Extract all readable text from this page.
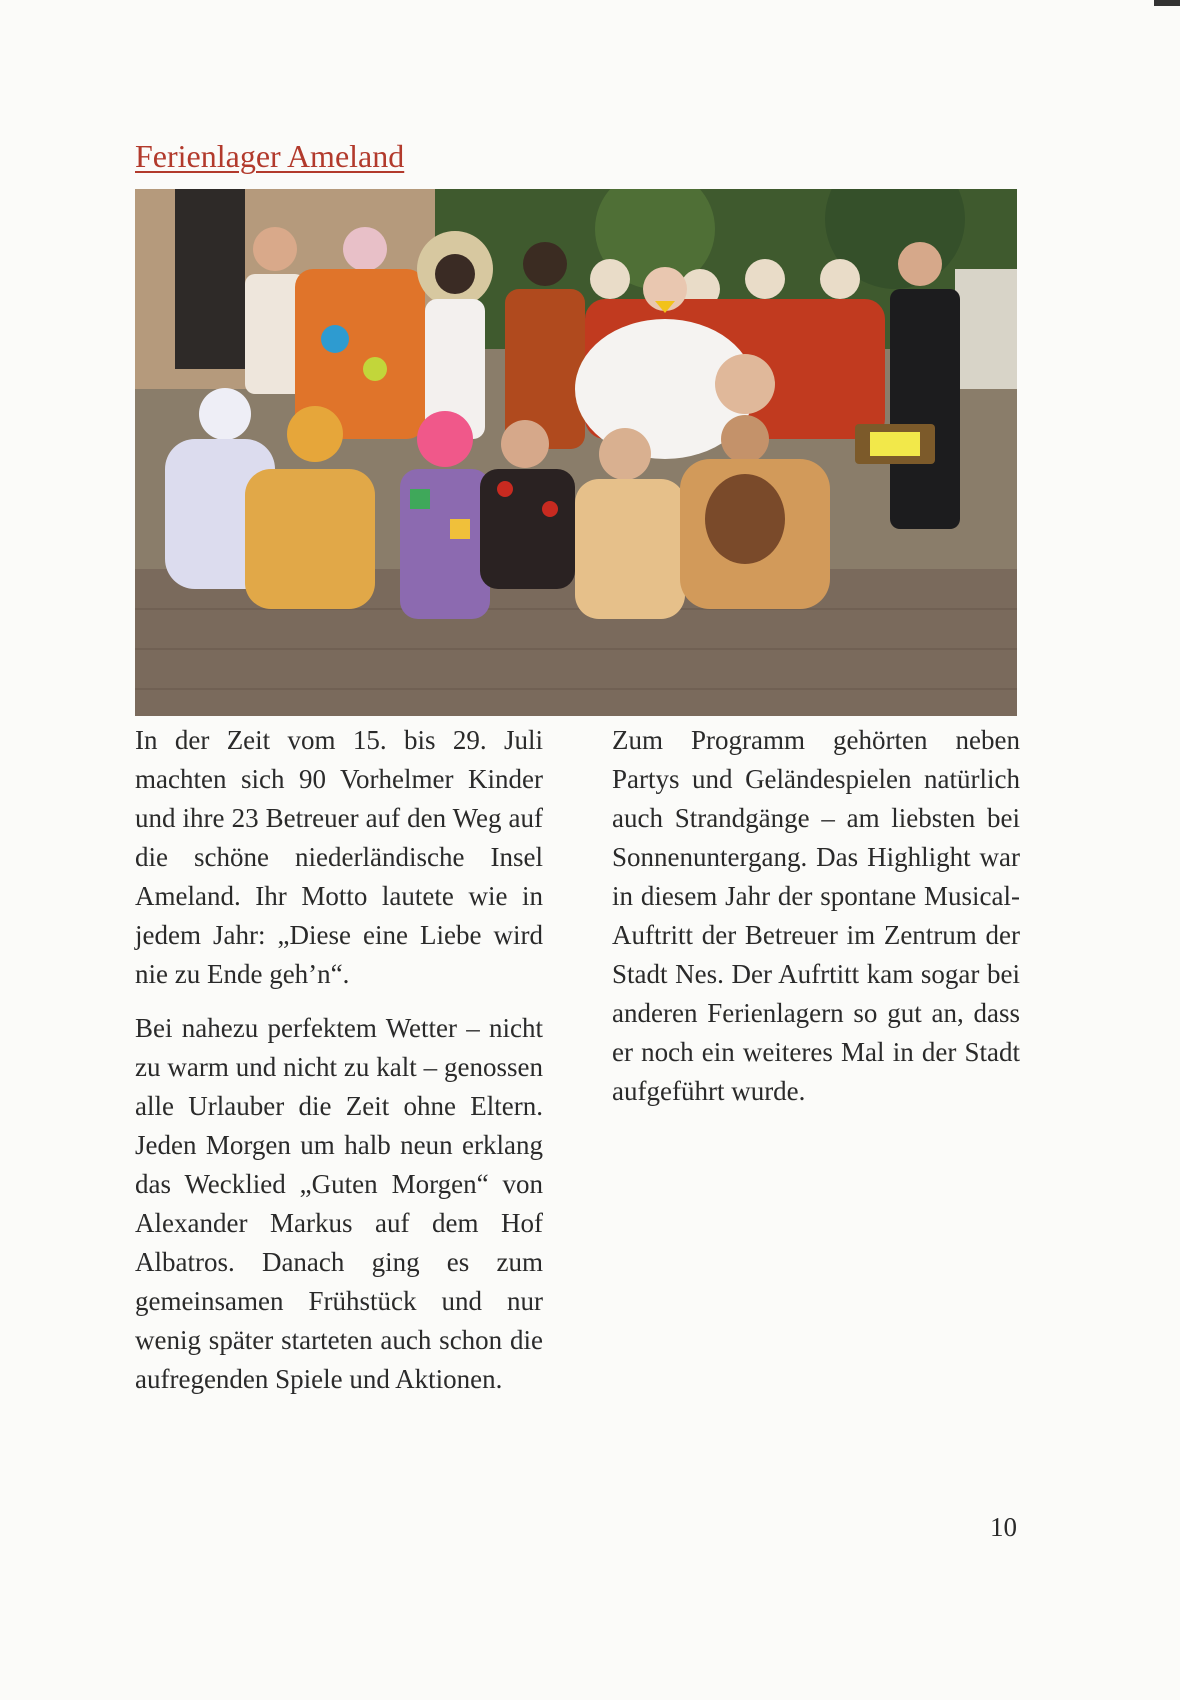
Ferienlager Ameland

In der Zeit vom 15. bis 29. Juli machten sich 90 Vorhelmer Kinder und ihre 23 Betreuer auf den Weg auf die schöne niederländische Insel Ameland. Ihr Motto lautete wie in jedem Jahr: „Diese eine Liebe wird nie zu Ende geh’n“.

Bei nahezu perfektem Wetter – nicht zu warm und nicht zu kalt – genossen alle Urlauber die Zeit ohne Eltern. Jeden Morgen um halb neun erklang das Wecklied „Guten Morgen“ von Alexander Markus auf dem Hof Albatros. Danach ging es zum gemeinsamen Frühstück und nur wenig später starteten auch schon die aufregenden Spiele und Aktionen.

Zum Programm gehörten neben Partys und Geländespielen natürlich auch Strandgänge – am liebsten bei Sonnenuntergang. Das Highlight war in diesem Jahr der spontane Musical-Auftritt der Betreuer im Zentrum der Stadt Nes. Der Aufrtitt kam sogar bei anderen Ferienlagern so gut an, dass er noch ein weiteres Mal in der Stadt aufgeführt wurde.

10
